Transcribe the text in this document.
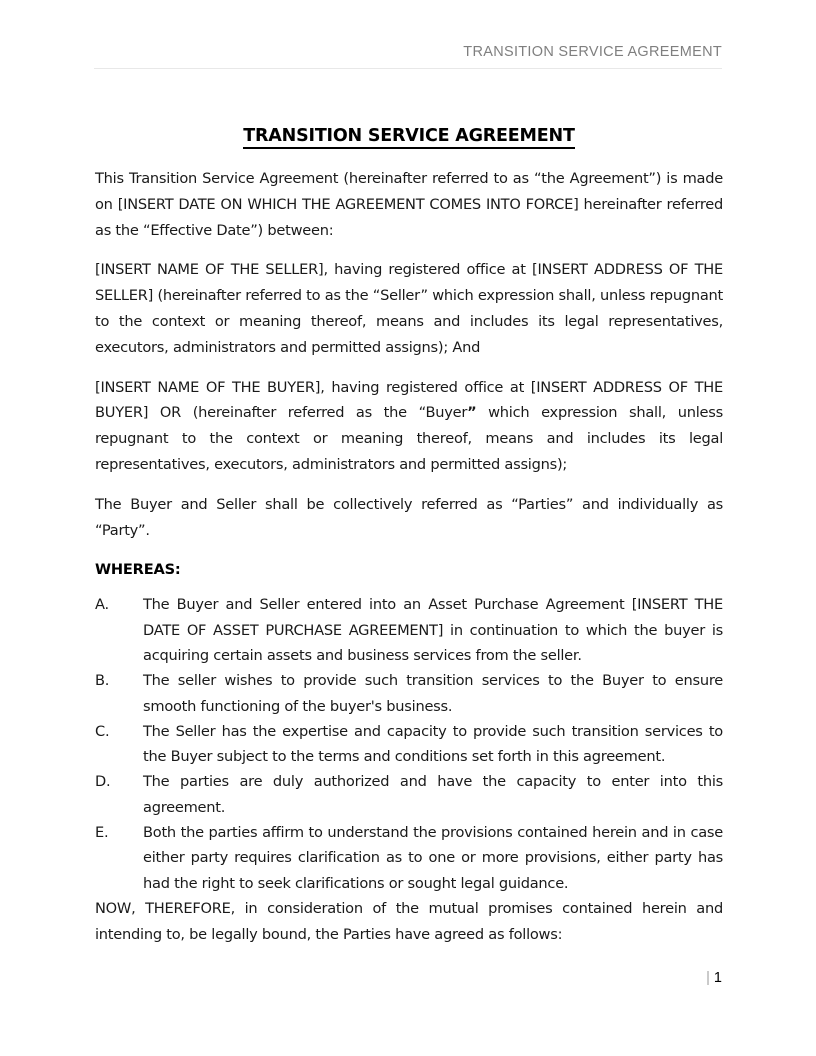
TRANSITION SERVICE AGREEMENT
TRANSITION SERVICE AGREEMENT

This Transition Service Agreement (hereinafter referred to as “the Agreement”) is made on [INSERT DATE ON WHICH THE AGREEMENT COMES INTO FORCE] hereinafter referred as the “Effective Date”) between:

[INSERT NAME OF THE SELLER], having registered office at [INSERT ADDRESS OF THE SELLER] (hereinafter referred to as the “Seller” which expression shall, unless repugnant to the context or meaning thereof, means and includes its legal representatives, executors, administrators and permitted assigns); And

[INSERT NAME OF THE BUYER], having registered office at [INSERT ADDRESS OF THE BUYER] OR (hereinafter referred as the “Buyer” which expression shall, unless repugnant to the context or meaning thereof, means and includes its legal representatives, executors, administrators and permitted assigns);

The Buyer and Seller shall be collectively referred as “Parties” and individually as “Party”.

WHEREAS:
A.	The Buyer and Seller entered into an Asset Purchase Agreement [INSERT THE DATE OF ASSET PURCHASE AGREEMENT] in continuation to which the buyer is acquiring certain assets and business services from the seller.
B.	The seller wishes to provide such transition services to the Buyer to ensure smooth functioning of the buyer's business.
C.	The Seller has the expertise and capacity to provide such transition services to the Buyer subject to the terms and conditions set forth in this agreement.
D.	The parties are duly authorized and have the capacity to enter into this agreement.
E.	Both the parties affirm to understand the provisions contained herein and in case either party requires clarification as to one or more provisions, either party has had the right to seek clarifications or sought legal guidance.

NOW, THEREFORE, in consideration of the mutual promises contained herein and intending to, be legally bound, the Parties have agreed as follows:

| 1
